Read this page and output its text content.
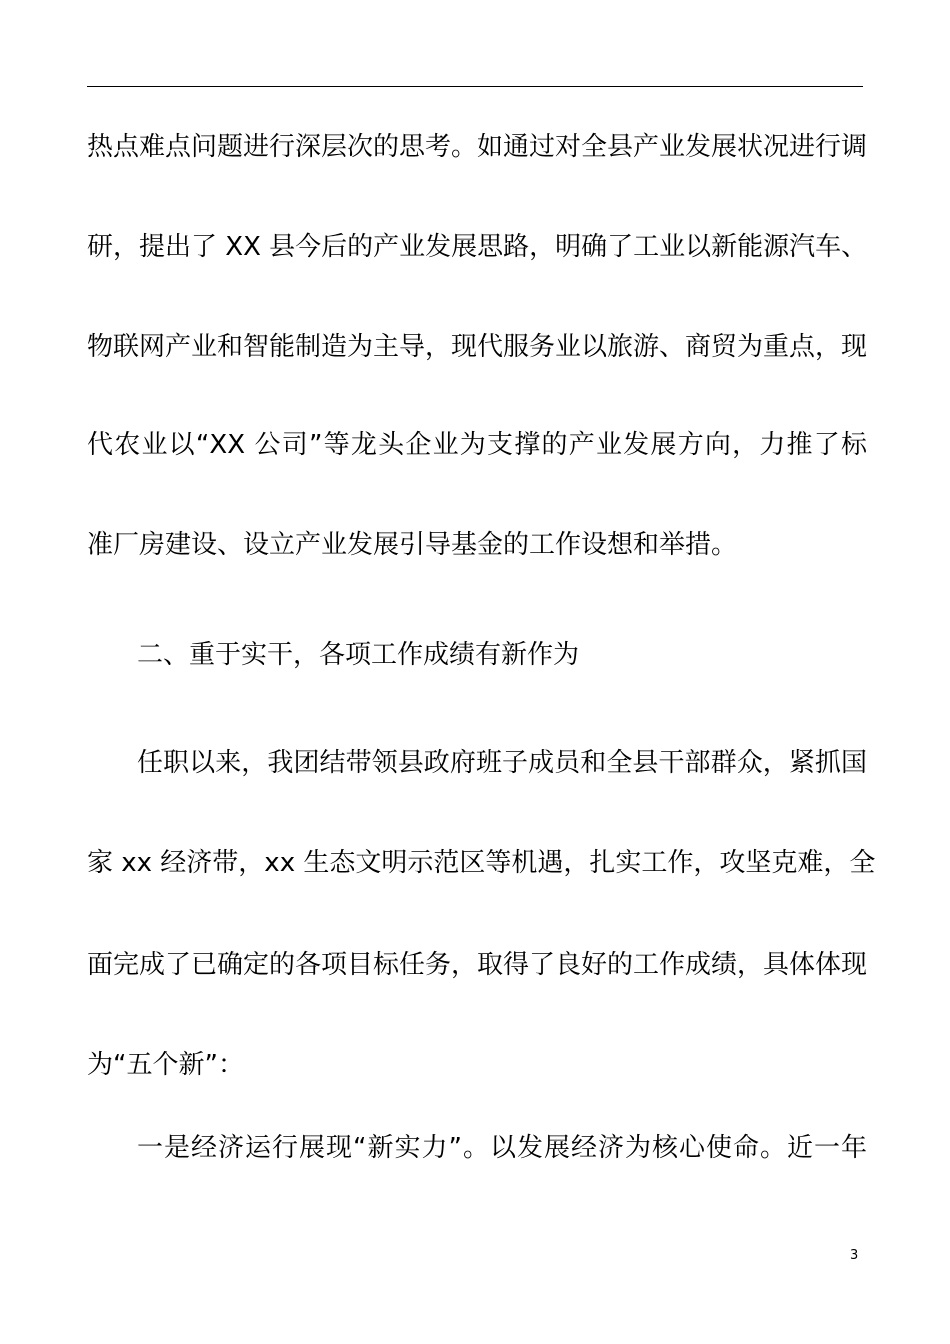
热点难点问题进行深层次的思考。如通过对全县产业发展状况进行调
研，提出了 XX 县今后的产业发展思路，明确了工业以新能源汽车、
物联网产业和智能制造为主导，现代服务业以旅游、商贸为重点，现
代农业以“XX 公司”等龙头企业为支撑的产业发展方向，力推了标
准厂房建设、设立产业发展引导基金的工作设想和举措。
二、重于实干，各项工作成绩有新作为
任职以来，我团结带领县政府班子成员和全县干部群众，紧抓国
家 xx 经济带，xx 生态文明示范区等机遇，扎实工作，攻坚克难，全
面完成了已确定的各项目标任务，取得了良好的工作成绩，具体体现
为“五个新”：
一是经济运行展现“新实力”。以发展经济为核心使命。近一年
3
